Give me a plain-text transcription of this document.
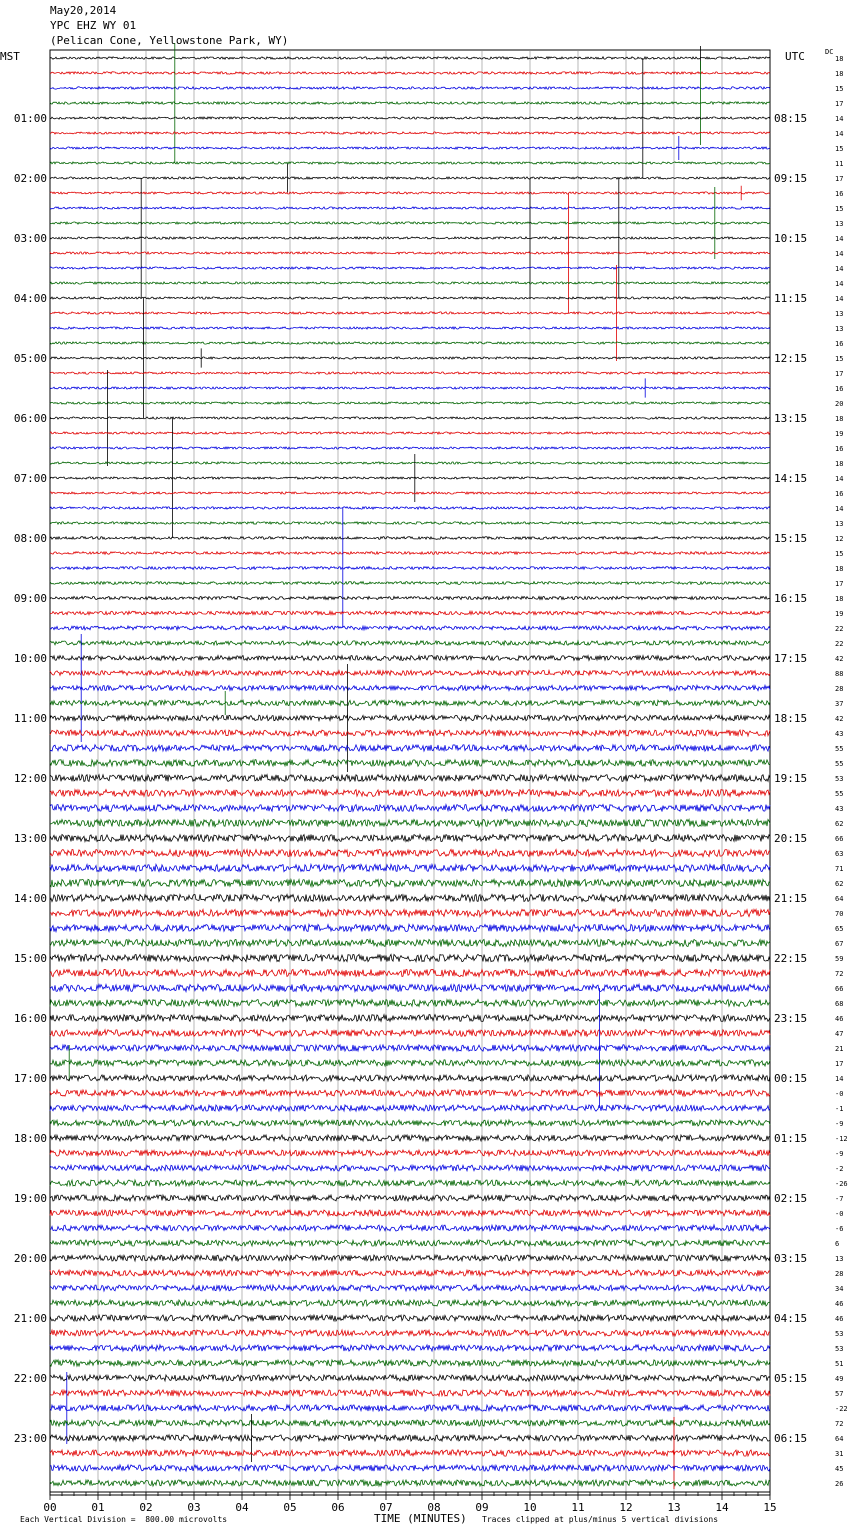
May20,2014
YPC EHZ WY 01
(Pelican Cone, Yellowstone Park, WY)
MST	UTC	DC
18
18
15
17
14
14
15
11
17
16
15
13
14
14
14
14
14
13
13
16
15
17
16
20
18
19
16
18
14
16
14
13
12
15
18
17
18
19
22
22
42
88
28
37
42
43
55
55
53
55
43
62
66
63
71
62
64
70
65
67
59
72
66
68
46
47
21
17
14
-0
-1
-9
-12
-9
-2
-26
-7
-0
-6
6
13
28
34
46
46
53
53
51
49
57
-22
72
64
31
45
26
01:00
02:00
03:00
04:00
05:00
06:00
07:00
08:00
09:00
10:00
11:00
12:00
13:00
14:00
15:00
16:00
17:00
18:00
19:00
20:00
21:00
22:00
23:00
08:15
09:15
10:15
11:15
12:15
13:15
14:15
15:15
16:15
17:15
18:15
19:15
20:15
21:15
22:15
23:15
00:15
01:15
02:15
03:15
04:15
05:15
06:15
00	01	02	03	04	05	06	07	08	09	10	11	12	13	14	15
Each Vertical Division =  800.00 microvolts	TIME (MINUTES) Traces clipped at plus/minus 5 vertical divisions
